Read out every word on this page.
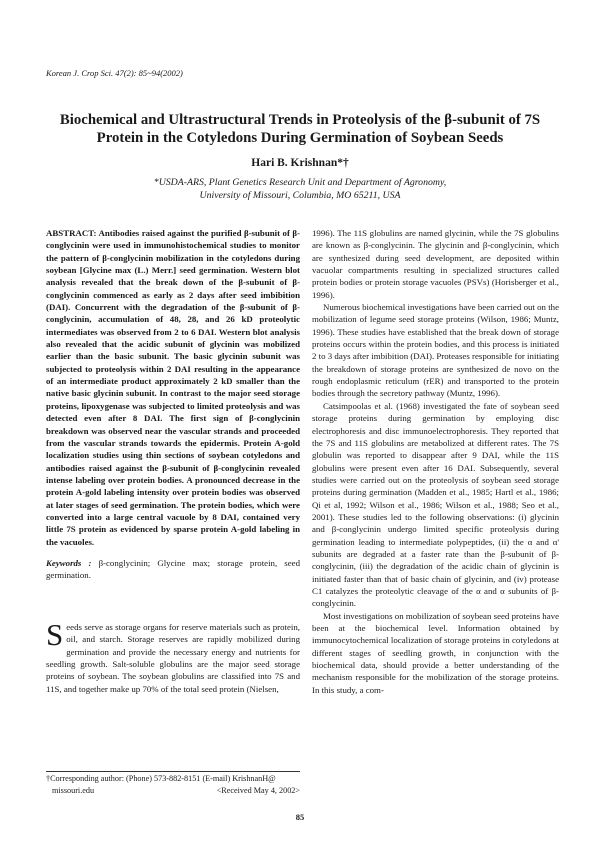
Korean J. Crop Sci. 47(2): 85~94(2002)
Biochemical and Ultrastructural Trends in Proteolysis of the β-subunit of 7S Protein in the Cotyledons During Germination of Soybean Seeds
Hari B. Krishnan*†
*USDA-ARS, Plant Genetics Research Unit and Department of Agronomy,
University of Missouri, Columbia, MO 65211, USA
ABSTRACT: Antibodies raised against the purified β-subunit of β-conglycinin were used in immunohistochemical studies to monitor the pattern of β-conglycinin mobilization in the cotyledons during soybean [Glycine max (L.) Merr.] seed germination. Western blot analysis revealed that the break down of the β-subunit of β-conglycinin commenced as early as 2 days after seed imbibition (DAI). Concurrent with the degradation of the β-subunit of β-conglycinin, accumulation of 48, 28, and 26 kD proteolytic intermediates was observed from 2 to 6 DAI. Western blot analysis also revealed that the acidic subunit of glycinin was mobilized earlier than the basic subunit. The basic glycinin subunit was subjected to proteolysis within 2 DAI resulting in the appearance of an intermediate product approximately 2 kD smaller than the native basic glycinin subunit. In contrast to the major seed storage proteins, lipoxygenase was subjected to limited proteolysis and was detected even after 8 DAI. The first sign of β-conglycinin breakdown was observed near the vascular strands and proceeded from the vascular strands towards the epidermis. Protein A-gold localization studies using thin sections of soybean cotyledons and antibodies raised against the β-subunit of β-conglycinin revealed intense labeling over protein bodies. A pronounced decrease in the protein A-gold labeling intensity over protein bodies was observed at later stages of seed germination. The protein bodies, which were converted into a large central vacuole by 8 DAI, contained very little 7S protein as evidenced by sparse protein A-gold labeling in the vacuoles.
Keywords : β-conglycinin; Glycine max; storage protein, seed germination.
Seeds serve as storage organs for reserve materials such as protein, oil, and starch. Storage reserves are rapidly mobilized during germination and provide the necessary energy and nutrients for seedling growth. Salt-soluble globulins are the major seed storage proteins of soybean. The soybean globulins are classified into 7S and 11S, and together make up 70% of the total seed protein (Nielsen,
†Corresponding author: (Phone) 573-882-8151 (E-mail) KrishnanH@
missouri.edu	<Received May 4, 2002>

1996). The 11S globulins are named glycinin, while the 7S globulins are known as β-conglycinin. The glycinin and β-conglycinin, which are synthesized during seed development, are deposited within vacuolar compartments resulting in specialized structures called protein bodies or protein storage vacuoles (PSVs) (Horisberger et al., 1996).

Numerous biochemical investigations have been carried out on the mobilization of legume seed storage proteins (Wilson, 1986; Muntz, 1996). These studies have established that the break down of storage proteins occurs within the protein bodies, and this process is initiated 2 to 3 days after imbibition (DAI). Proteases responsible for initiating the breakdown of storage proteins are synthesized de novo on the rough endoplasmic reticulum (rER) and transported to the protein bodies through the secretory pathway (Muntz, 1996).

Catsimpoolas et al. (1968) investigated the fate of soybean seed storage proteins during germination by employing disc electrophoresis and disc immunoelectrophoresis. They reported that the 7S and 11S globulins are metabolized at different rates. The 7S globulin was reported to disappear after 9 DAI, while the 11S globulins were present even after 16 DAI. Subsequently, several studies were carried out on the proteolysis of soybean seed storage proteins during germination (Madden et al., 1985; Hartl et al., 1986; Qi et al, 1992; Wilson et al., 1986; Wilson et al., 1988; Seo et al., 2001). These studies led to the following observations: (i) glycinin and β-conglycinin undergo limited specific proteolysis during germination leading to intermediate polypeptides, (ii) the α and α' subunits are degraded at a faster rate than the β-subunit of β-conglycinin, (iii) the degradation of the acidic chain of glycinin is initiated faster than that of basic chain of glycinin, and (iv) protease C1 catalyzes the proteolytic cleavage of the α and α subunits of β-conglycinin.

Most investigations on mobilization of soybean seed proteins have been at the biochemical level. Information obtained by immunocytochemical localization of storage proteins in cotyledons at different stages of seedling growth, in conjunction with the biochemical data, should provide a better understanding of the mechanism responsible for the mobilization of the storage proteins. In this study, a com-

85
